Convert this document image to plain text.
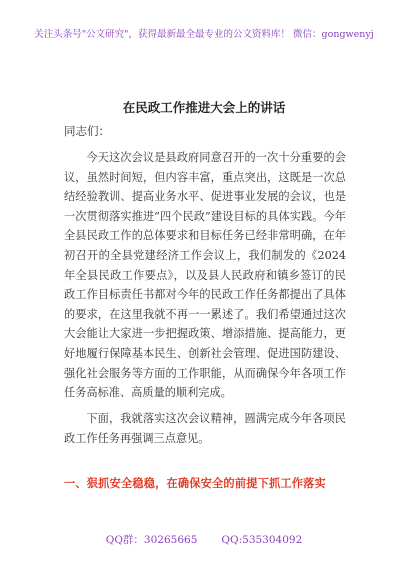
关注头条号"公文研究"，获得最新最全最专业的公文资料库！ 微信：gongwenyj
在民政工作推进大会上的讲话
同志们：

今天这次会议是县政府同意召开的一次十分重要的会议，虽然时间短，但内容丰富，重点突出，这既是一次总结经验教训、提高业务水平、促进事业发展的会议，也是一次贯彻落实推进“四个民政”建设目标的具体实践。今年全县民政工作的总体要求和目标任务已经非常明确，在年初召开的全县党建经济工作会议上，我们制发的《2024年全县民政工作要点》，以及县人民政府和镇乡签订的民政工作目标责任书都对今年的民政工作任务都提出了具体的要求，在这里我就不再一一累述了。我们希望通过这次大会能让大家进一步把握政策、增添措施、提高能力，更好地履行保障基本民生、创新社会管理、促进国防建设、强化社会服务等方面的工作职能，从而确保今年各项工作任务高标准、高质量的顺利完成。

下面，我就落实这次会议精神，圆满完成今年各项民政工作任务再强调三点意见。

一、狠抓安全稳稳，在确保安全的前提下抓工作落实
QQ群：30265665 QQ:535304092
